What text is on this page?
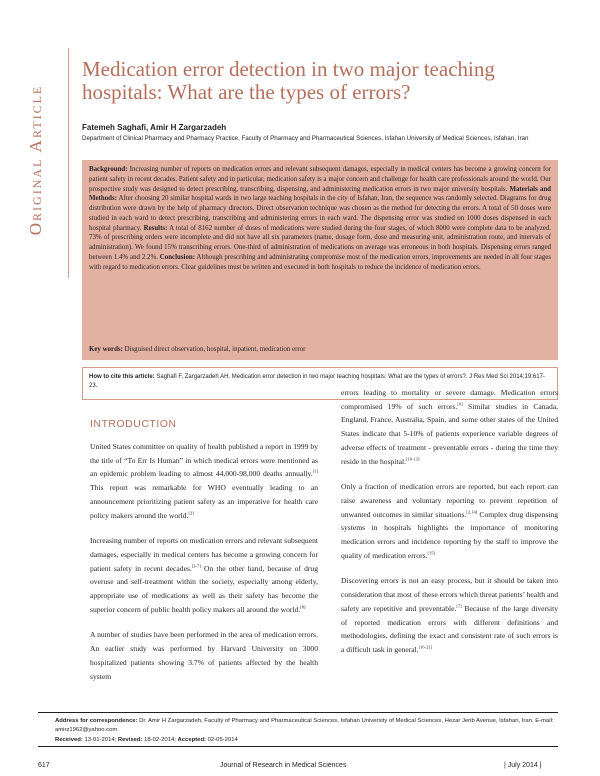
Original Article
Medication error detection in two major teaching hospitals: What are the types of errors?
Fatemeh Saghafi, Amir H Zargarzadeh
Department of Clinical Pharmacy and Pharmacy Practice, Faculty of Pharmacy and Pharmaceutical Sciences, Isfahan University of Medical Sciences, Isfahan, Iran
Background: Increasing number of reports on medication errors and relevant subsequent damages, especially in medical centers has become a growing concern for patient safety in recent decades. Patient safety and in particular, medication safety is a major concern and challenge for health care professionals around the world. Our prospective study was designed to detect prescribing, transcribing, dispensing, and administering medication errors in two major university hospitals. Materials and Methods: After choosing 20 similar hospital wards in two large teaching hospitals in the city of Isfahan, Iran, the sequence was randomly selected. Diagrams for drug distribution were drawn by the help of pharmacy directors. Direct observation technique was chosen as the method for detecting the errors. A total of 50 doses were studied in each ward to detect prescribing, transcribing and administering errors in each ward. The dispensing error was studied on 1000 doses dispensed in each hospital pharmacy. Results: A total of 8162 number of doses of medications were studied during the four stages, of which 8000 were complete data to be analyzed. 73% of prescribing orders were incomplete and did not have all six parameters (name, dosage form, dose and measuring unit, administration route, and intervals of administration). We found 15% transcribing errors. One-third of administration of medications on average was erroneous in both hospitals. Dispensing errors ranged between 1.4% and 2.2%. Conclusion: Although prescribing and administrating compromise most of the medication errors, improvements are needed in all four stages with regard to medication errors. Clear guidelines must be written and executed in both hospitals to reduce the incidence of medication errors.
Key words: Disguised direct observation, hospital, inpatient, medication error
How to cite this article: Saghafi F, Zargarzadeh AH. Medication error detection in two major teaching hospitals: What are the types of errors?. J Res Med Sci 2014;19:617-23.
INTRODUCTION

United States committee on quality of health published a report in 1999 by the title of “To Err Is Human” in which medical errors were mentioned as an epidemic problem leading to almost 44,000-98,000 deaths annually.[1] This report was remarkable for WHO eventually leading to an announcement prioritizing patient safety as an imperative for health care policy makers around the world.[2]

Increasing number of reports on medication errors and relevant subsequent damages, especially in medical centers has become a growing concern for patient safety in recent decades.[3-7] On the other hand, because of drug overuse and self-treatment within the society, especially among elderly, appropriate use of medications as well as their safety has become the superior concern of public health policy makers all around the world.[8]

A number of studies have been performed in the area of medication errors. An earlier study was performed by Harvard University on 3000 hospitalized patients showing 3.7% of patients affected by the health system

errors leading to mortality or severe damage. Medication errors compromised 19% of such errors.[9] Similar studies in Canada, England, France, Australia, Spain, and some other states of the United States indicate that 5-10% of patients experience variable degrees of adverse effects of treatment - preventable errors - during the time they reside in the hospital.[10-13]

Only a fraction of medication errors are reported, but each report can raise awareness and voluntary reporting to prevent repetition of unwanted outcomes in similar situations.[2,14] Complex drug dispensing systems in hospitals highlights the importance of monitoring medication errors and incidence reporting by the staff to improve the quality of medication errors.[15]

Discovering errors is not an easy process, but it should be taken into consideration that most of these errors which threat patients’ health and safety are repetitive and preventable.[7] Because of the large diversity of reported medication errors with different definitions and methodologies, defining the exact and consistent rate of such errors is a difficult task in general.[16-21]

Address for correspondence: Dr. Amir H Zargarzadeh, Faculty of Pharmacy and Pharmaceutical Sciences, Isfahan University of Medical Sciences, Hezar Jerib Avenue, Isfahan, Iran. E-mail: amirz1962@yahoo.com
Received: 13-01-2014; Revised: 18-02-2014; Accepted: 02-05-2014
617	Journal of Research in Medical Sciences	| July 2014 |
